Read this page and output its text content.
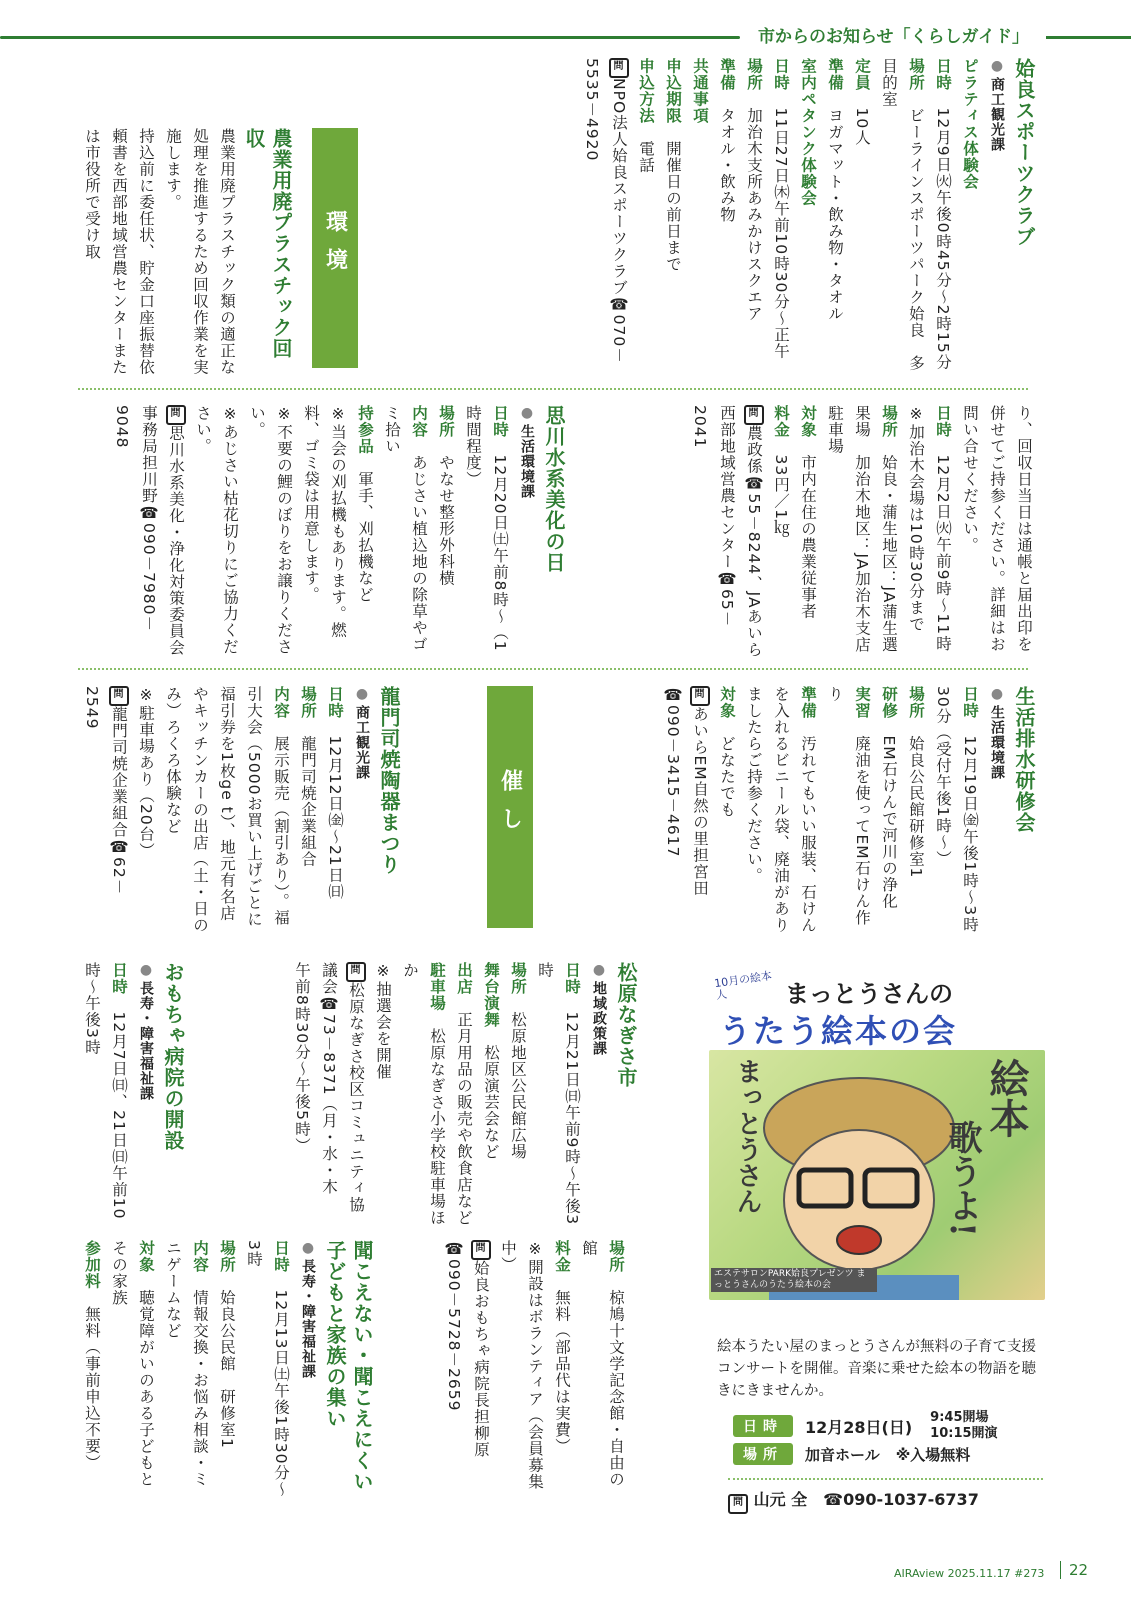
市からのお知らせ「くらしガイド」
姶良スポーツクラブ
● 商工観光課
ピラティス体験会
日時　12月9日㈫午後0時45分～2時15分
場所　ビーラインスポーツパーク姶良　多目的室
定員　10人
準備　ヨガマット・飲み物・タオル
室内ペタンク体験会
日時　11日27日㈭午前10時30分～正午
場所　加治木支所あみかけスクエア
準備　タオル・飲み物
共通事項
申込期限　開催日の前日まで
申込方法　電話
問NPO法人姶良スポーツクラブ☎070－5535－4920
環境
農業用廃プラスチック回収
農業用廃プラスチック類の適正な処理を推進するため回収作業を実施します。
持込前に委任状、貯金口座振替依頼書を西部地域営農センターまたは市役所で受け取
り、回収日当日は通帳と届出印を併せてご持参ください。詳細はお問い合せください。
日時　12月2日㈫午前9時～11時※加治木会場は10時30分まで
場所　姶良・蒲生地区：JA蒲生選果場　加治木地区：JA加治木支店駐車場
対象　市内在住の農業従事者
料金　33円／1㎏
問農政係☎55－8244、JAあいら西部地域営農センター☎65－2041
思川水系美化の日
● 生活環境課
日時　12月20日㈯午前8時～（1時間程度）
場所　やなせ整形外科横
内容　あじさい植込地の除草やゴミ拾い
持参品　軍手、刈払機など
※当会の刈払機もあります。燃料、ゴミ袋は用意します。
※不要の鯉のぼりをお譲りください。
※あじさい枯花切りにご協力ください。
問思川水系美化・浄化対策委員会　事務局担川野☎090－7980－9048
生活排水研修会
● 生活環境課
日時　12月19日㈮午後1時～3時30分（受付午後1時～）
場所　姶良公民館研修室1
研修　EM石けんで河川の浄化
実習　廃油を使ってEM石けん作り
準備　汚れてもいい服装、石けんを入れるビニール袋、廃油がありましたらご持参ください。
対象　どなたでも
問あいらEM自然の里担宮田☎090－3415－4617
催し
龍門司焼陶器まつり
● 商工観光課
日時　12月12日㈮～21日㈰
場所　龍門司焼企業組合
内容　展示販売（割引あり）。福引大会（5000お買い上げごとに福引券を1枚ge t）、地元有名店やキッチンカーの出店（土・日のみ）ろくろ体験など
※駐車場あり（20台）
問龍門司焼企業組合☎62－2549
松原なぎさ市
● 地域政策課
日時　12月21日㈰午前9時～午後3時
場所　松原地区公民館広場
舞台演舞　松原演芸会など
出店　正月用品の販売や飲食店など
駐車場　松原なぎさ小学校駐車場ほか
※抽選会を開催
問松原なぎさ校区コミュニティ協議会☎73－8371（月・水・木　午前8時30分～午後5時）
おもちゃ病院の開設
● 長寿・障害福祉課
日時　12月7日㈰、21日㈰午前10時～午後3時
場所　椋鳩十文学記念館・自由の館
料金　無料（部品代は実費）
※開設はボランティア（会員募集中）
問姶良おもちゃ病院長担柳原☎090－5728－2659
聞こえない・聞こえにくい子どもと家族の集い
● 長寿・障害福祉課
日時　12月13日㈯午後1時30分～3時
場所　姶良公民館　研修室1
内容　情報交換・お悩み相談・ミニゲームなど
対象　聴覚障がいのある子どもとその家族
参加料　無料（事前申込不要）
10月の絵本人	まっとうさんの
うたう絵本の会
絵本
歌うよ!
まっとうさん
エステサロンPARK姶良プレゼンツ まっとうさんのうたう絵本の会
絵本うたい屋のまっとうさんが無料の子育て支援コンサートを開催。音楽に乗せた絵本の物語を聴きにきませんか。
日時	12月28日(日) 9:45開場
10:15開演
場所	加音ホール ※入場無料
問 山元 全　☎090-1037-6737
AIRAview 2025.11.17 #273	22
